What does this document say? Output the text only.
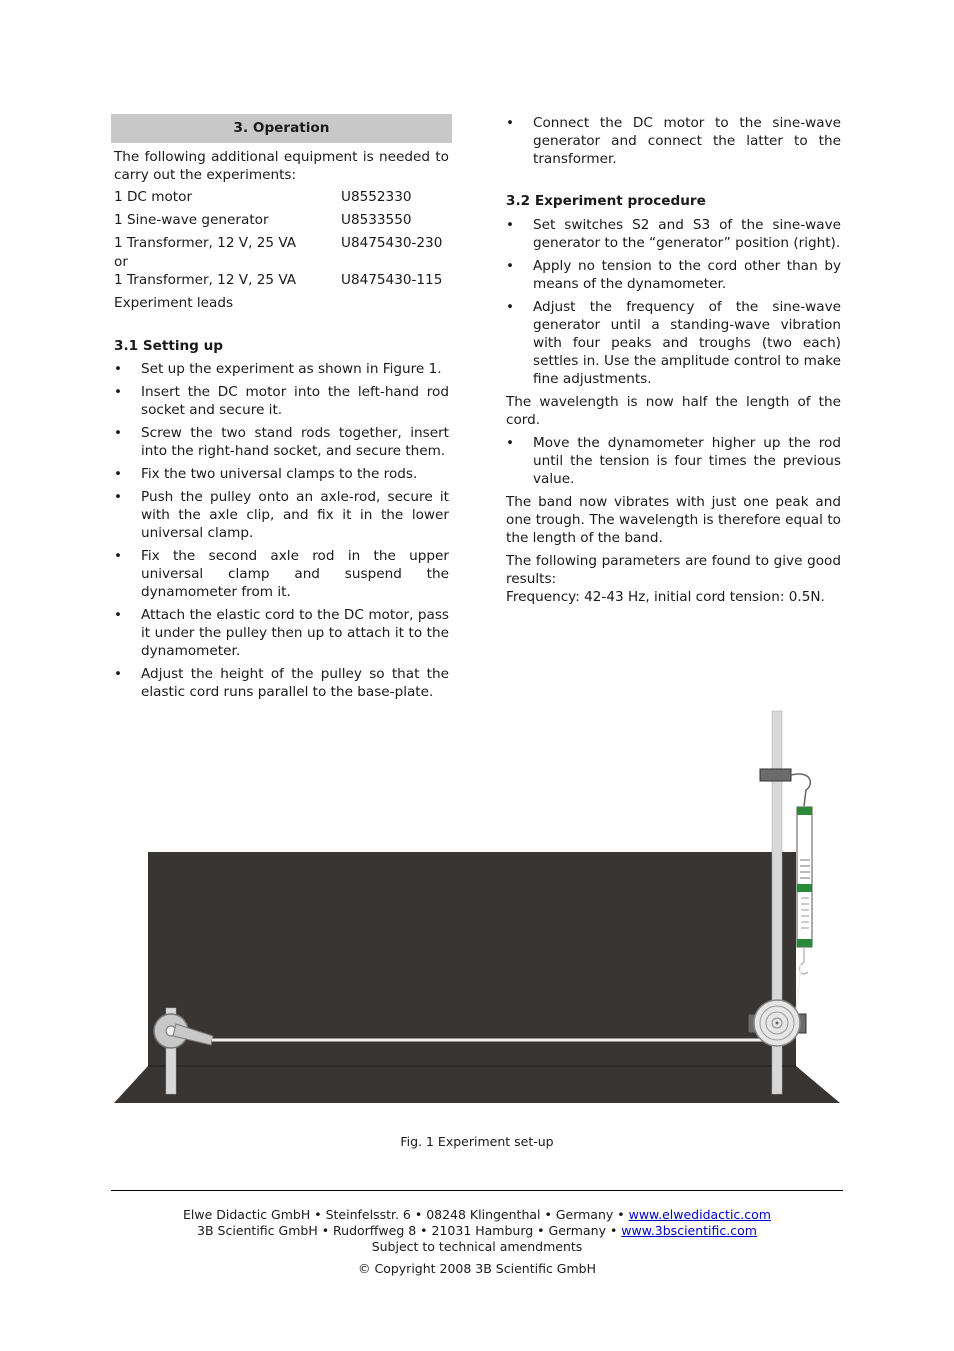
3. Operation

The following additional equipment is needed to carry out the experiments:

1 DC motor	U8552330
1 Sine-wave generator	U8533550
1 Transformer, 12 V, 25 VA	U8475430-230
or
1 Transformer, 12 V, 25 VA	U8475430-115
Experiment leads
3.1 Setting up
• Set up the experiment as shown in Figure 1.
• Insert the DC motor into the left-hand rod socket and secure it.
• Screw the two stand rods together, insert into the right-hand socket, and secure them.
• Fix the two universal clamps to the rods.
• Push the pulley onto an axle-rod, secure it with the axle clip, and fix it in the lower universal clamp.
• Fix the second axle rod in the upper universal clamp and suspend the dynamometer from it.
• Attach the elastic cord to the DC motor, pass it under the pulley then up to attach it to the dynamometer.
• Adjust the height of the pulley so that the elastic cord runs parallel to the base-plate.
• Connect the DC motor to the sine-wave generator and connect the latter to the transformer.
3.2 Experiment procedure
• Set switches S2 and S3 of the sine-wave generator to the “generator” position (right).
• Apply no tension to the cord other than by means of the dynamometer.
• Adjust the frequency of the sine-wave generator until a standing-wave vibration with four peaks and troughs (two each) settles in. Use the amplitude control to make fine adjustments.

The wavelength is now half the length of the cord.

• Move the dynamometer higher up the rod until the tension is four times the previous value.

The band now vibrates with just one peak and one trough. The wavelength is therefore equal to the length of the band.

The following parameters are found to give good results:

Frequency: 42-43 Hz, initial cord tension: 0.5N.

Fig. 1 Experiment set-up
Elwe Didactic GmbH • Steinfelsstr. 6 • 08248 Klingenthal • Germany • www.elwedidactic.com
3B Scientific GmbH • Rudorffweg 8 • 21031 Hamburg • Germany • www.3bscientific.com
Subject to technical amendments
© Copyright 2008 3B Scientific GmbH
